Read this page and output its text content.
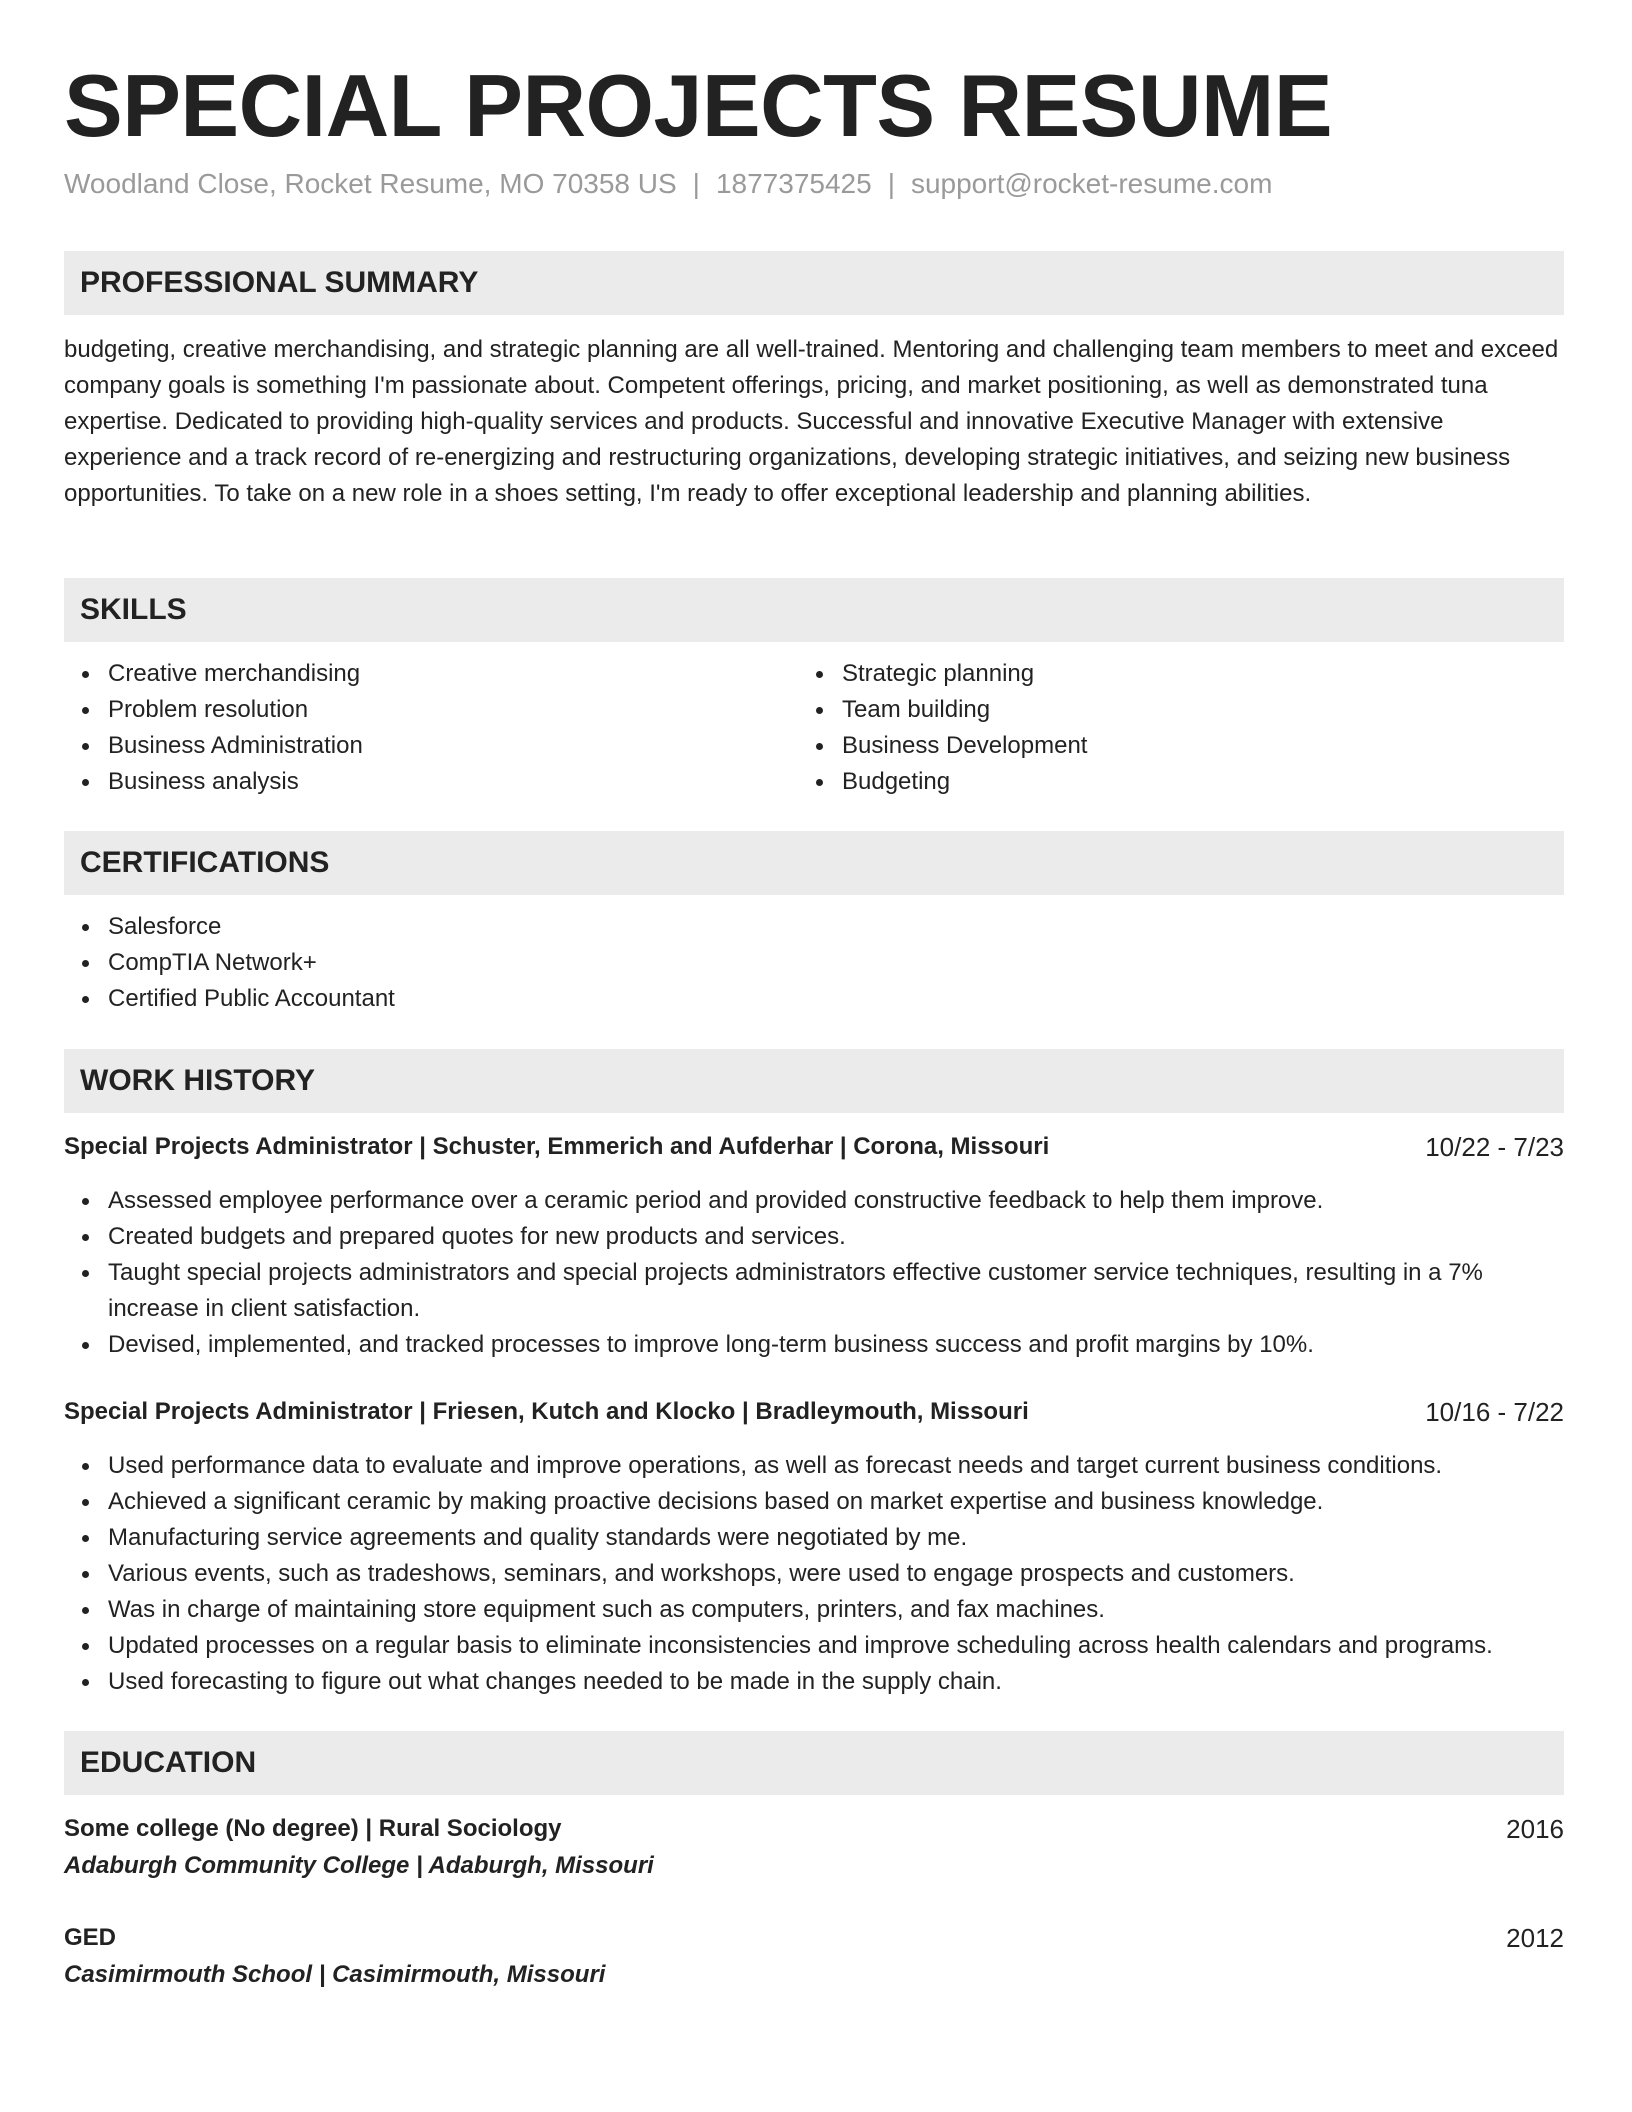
SPECIAL PROJECTS RESUME
Woodland Close, Rocket Resume, MO 70358 US | 1877375425 | support@rocket-resume.com
PROFESSIONAL SUMMARY

budgeting, creative merchandising, and strategic planning are all well-trained. Mentoring and challenging team members to meet and exceed company goals is something I'm passionate about. Competent offerings, pricing, and market positioning, as well as demonstrated tuna expertise. Dedicated to providing high-quality services and products. Successful and innovative Executive Manager with extensive experience and a track record of re-energizing and restructuring organizations, developing strategic initiatives, and seizing new business opportunities. To take on a new role in a shoes setting, I'm ready to offer exceptional leadership and planning abilities.

SKILLS
Creative merchandising
Problem resolution
Business Administration
Business analysis
Strategic planning
Team building
Business Development
Budgeting
CERTIFICATIONS
Salesforce
CompTIA Network+
Certified Public Accountant
WORK HISTORY
Special Projects Administrator | Schuster, Emmerich and Aufderhar | Corona, Missouri	10/22 - 7/23
Assessed employee performance over a ceramic period and provided constructive feedback to help them improve.
Created budgets and prepared quotes for new products and services.
Taught special projects administrators and special projects administrators effective customer service techniques, resulting in a 7% increase in client satisfaction.
Devised, implemented, and tracked processes to improve long-term business success and profit margins by 10%.
Special Projects Administrator | Friesen, Kutch and Klocko | Bradleymouth, Missouri	10/16 - 7/22
Used performance data to evaluate and improve operations, as well as forecast needs and target current business conditions.
Achieved a significant ceramic by making proactive decisions based on market expertise and business knowledge.
Manufacturing service agreements and quality standards were negotiated by me.
Various events, such as tradeshows, seminars, and workshops, were used to engage prospects and customers.
Was in charge of maintaining store equipment such as computers, printers, and fax machines.
Updated processes on a regular basis to eliminate inconsistencies and improve scheduling across health calendars and programs.
Used forecasting to figure out what changes needed to be made in the supply chain.
EDUCATION
Some college (No degree) | Rural Sociology	2016
Adaburgh Community College | Adaburgh, Missouri
GED	2012
Casimirmouth School | Casimirmouth, Missouri
